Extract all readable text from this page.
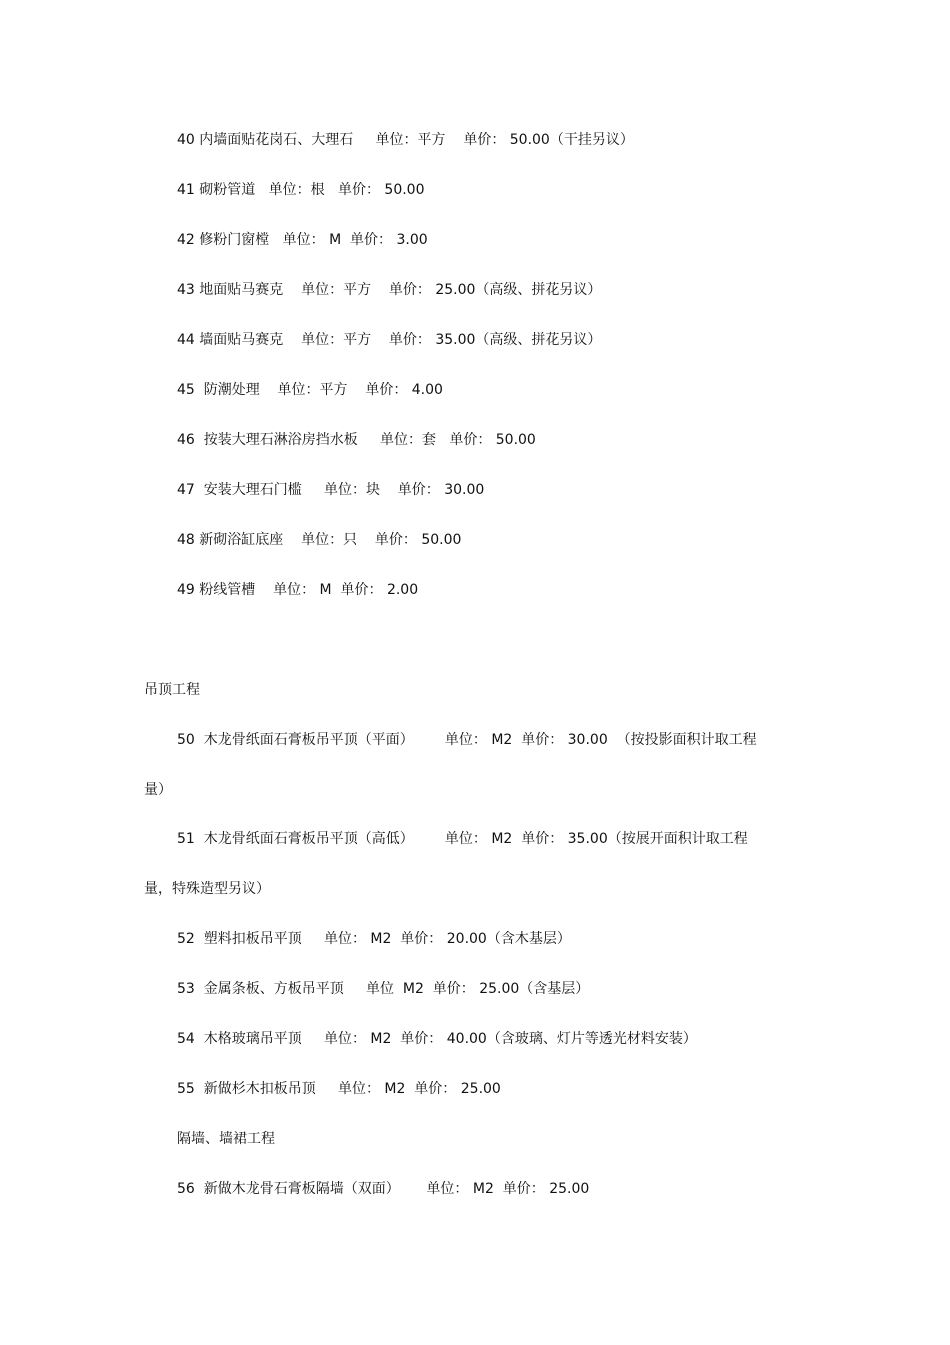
40 内墙面贴花岗石、大理石     单位：平方    单价： 50.00（干挂另议）
41 砌粉管道   单位：根   单价： 50.00
42 修粉门窗樘   单位： M  单价： 3.00
43 地面贴马赛克    单位：平方    单价： 25.00（高级、拼花另议）
44 墙面贴马赛克    单位：平方    单价： 35.00（高级、拼花另议）
45  防潮处理    单位：平方    单价： 4.00
46  按装大理石淋浴房挡水板     单位：套   单价： 50.00
47  安装大理石门槛     单位：块    单价： 30.00
48 新砌浴缸底座    单位：只    单价： 50.00
49 粉线管槽    单位： M  单价： 2.00
吊顶工程
50  木龙骨纸面石膏板吊平顶（平面）       单位： M2  单价： 30.00  （按投影面积计取工程
量）
51  木龙骨纸面石膏板吊平顶（高低）       单位： M2  单价： 35.00（按展开面积计取工程
量，特殊造型另议）
52  塑料扣板吊平顶     单位： M2  单价： 20.00（含木基层）
53  金属条板、方板吊平顶     单位  M2  单价： 25.00（含基层）
54  木格玻璃吊平顶     单位： M2  单价： 40.00（含玻璃、灯片等透光材料安装）
55  新做杉木扣板吊顶     单位： M2  单价： 25.00
隔墙、墙裙工程
56  新做木龙骨石膏板隔墙（双面）      单位： M2  单价： 25.00
